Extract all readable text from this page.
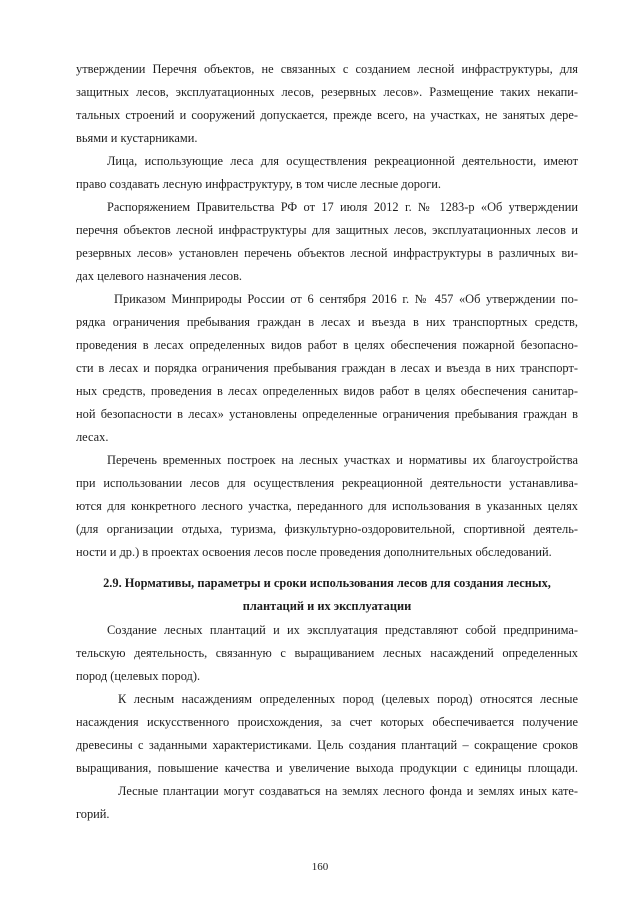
утверждении Перечня объектов, не связанных с созданием лесной инфраструктуры, для
защитных лесов, эксплуатационных лесов, резервных лесов». Размещение таких некапи-
тальных строений и сооружений допускается, прежде всего, на участках, не занятых дере-
вьями и кустарниками.
Лица, использующие леса для осуществления рекреационной деятельности, имеют
право создавать лесную инфраструктуру, в том числе лесные дороги.
Распоряжением Правительства РФ от 17 июля 2012 г. № 1283-р «Об утверждении
перечня объектов лесной инфраструктуры для защитных лесов, эксплуатационных лесов и
резервных лесов» установлен перечень объектов лесной инфраструктуры в различных ви-
дах целевого назначения лесов.
Приказом Минприроды России от 6 сентября 2016 г. № 457 «Об утверждении по-
рядка ограничения пребывания граждан в лесах и въезда в них транспортных средств,
проведения в лесах определенных видов работ в целях обеспечения пожарной безопасно-
сти в лесах и порядка ограничения пребывания граждан в лесах и въезда в них транспорт-
ных средств, проведения в лесах определенных видов работ в целях обеспечения санитар-
ной безопасности в лесах» установлены определенные ограничения пребывания граждан в
лесах.
Перечень временных построек на лесных участках и нормативы их благоустройства
при использовании лесов для осуществления рекреационной деятельности устанавлива-
ются для конкретного лесного участка, переданного для использования в указанных целях
(для организации отдыха, туризма, физкультурно-оздоровительной, спортивной деятель-
ности и др.) в проектах освоения лесов после проведения дополнительных обследований.
2.9. Нормативы, параметры и сроки использования лесов для создания лесных,
плантаций и их эксплуатации
Создание лесных плантаций и их эксплуатация представляют собой предпринима-
тельскую деятельность, связанную с выращиванием лесных насаждений определенных
пород (целевых пород).
К лесным насаждениям определенных пород (целевых пород) относятся лесные
насаждения искусственного происхождения, за счет которых обеспечивается получение
древесины с заданными характеристиками. Цель создания плантаций – сокращение сроков
выращивания, повышение качества и увеличение выхода продукции с единицы площади.
Лесные плантации могут создаваться на землях лесного фонда и землях иных кате-
горий.
160
